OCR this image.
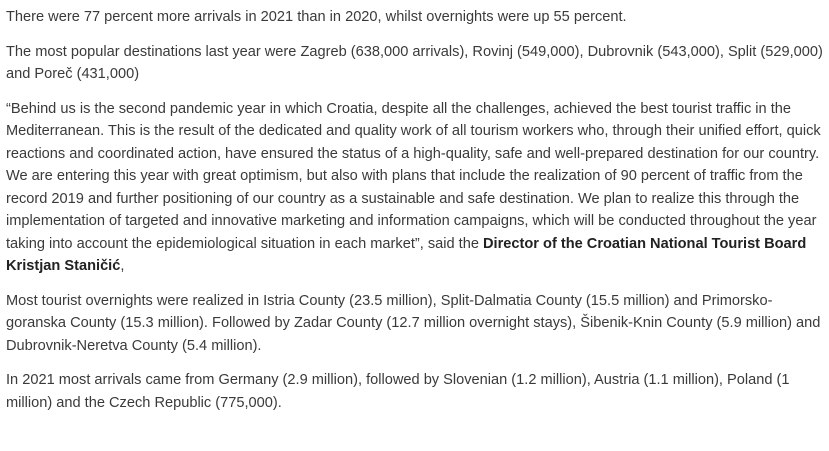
There were 77 percent more arrivals in 2021 than in 2020, whilst overnights were up 55 percent.

The most popular destinations last year were Zagreb (638,000 arrivals), Rovinj (549,000), Dubrovnik (543,000), Split (529,000) and Poreč (431,000)

“Behind us is the second pandemic year in which Croatia, despite all the challenges, achieved the best tourist traffic in the Mediterranean. This is the result of the dedicated and quality work of all tourism workers who, through their unified effort, quick reactions and coordinated action, have ensured the status of a high-quality, safe and well-prepared destination for our country. We are entering this year with great optimism, but also with plans that include the realization of 90 percent of traffic from the record 2019 and further positioning of our country as a sustainable and safe destination. We plan to realize this through the implementation of targeted and innovative marketing and information campaigns, which will be conducted throughout the year taking into account the epidemiological situation in each market”, said the Director of the Croatian National Tourist Board Kristjan Staničić,

Most tourist overnights were realized in Istria County (23.5 million), Split-Dalmatia County (15.5 million) and Primorsko-goranska County (15.3 million). Followed by Zadar County (12.7 million overnight stays), Šibenik-Knin County (5.9 million) and Dubrovnik-Neretva County (5.4 million).

In 2021 most arrivals came from Germany (2.9 million), followed by Slovenian (1.2 million), Austria (1.1 million), Poland (1 million) and the Czech Republic (775,000).
